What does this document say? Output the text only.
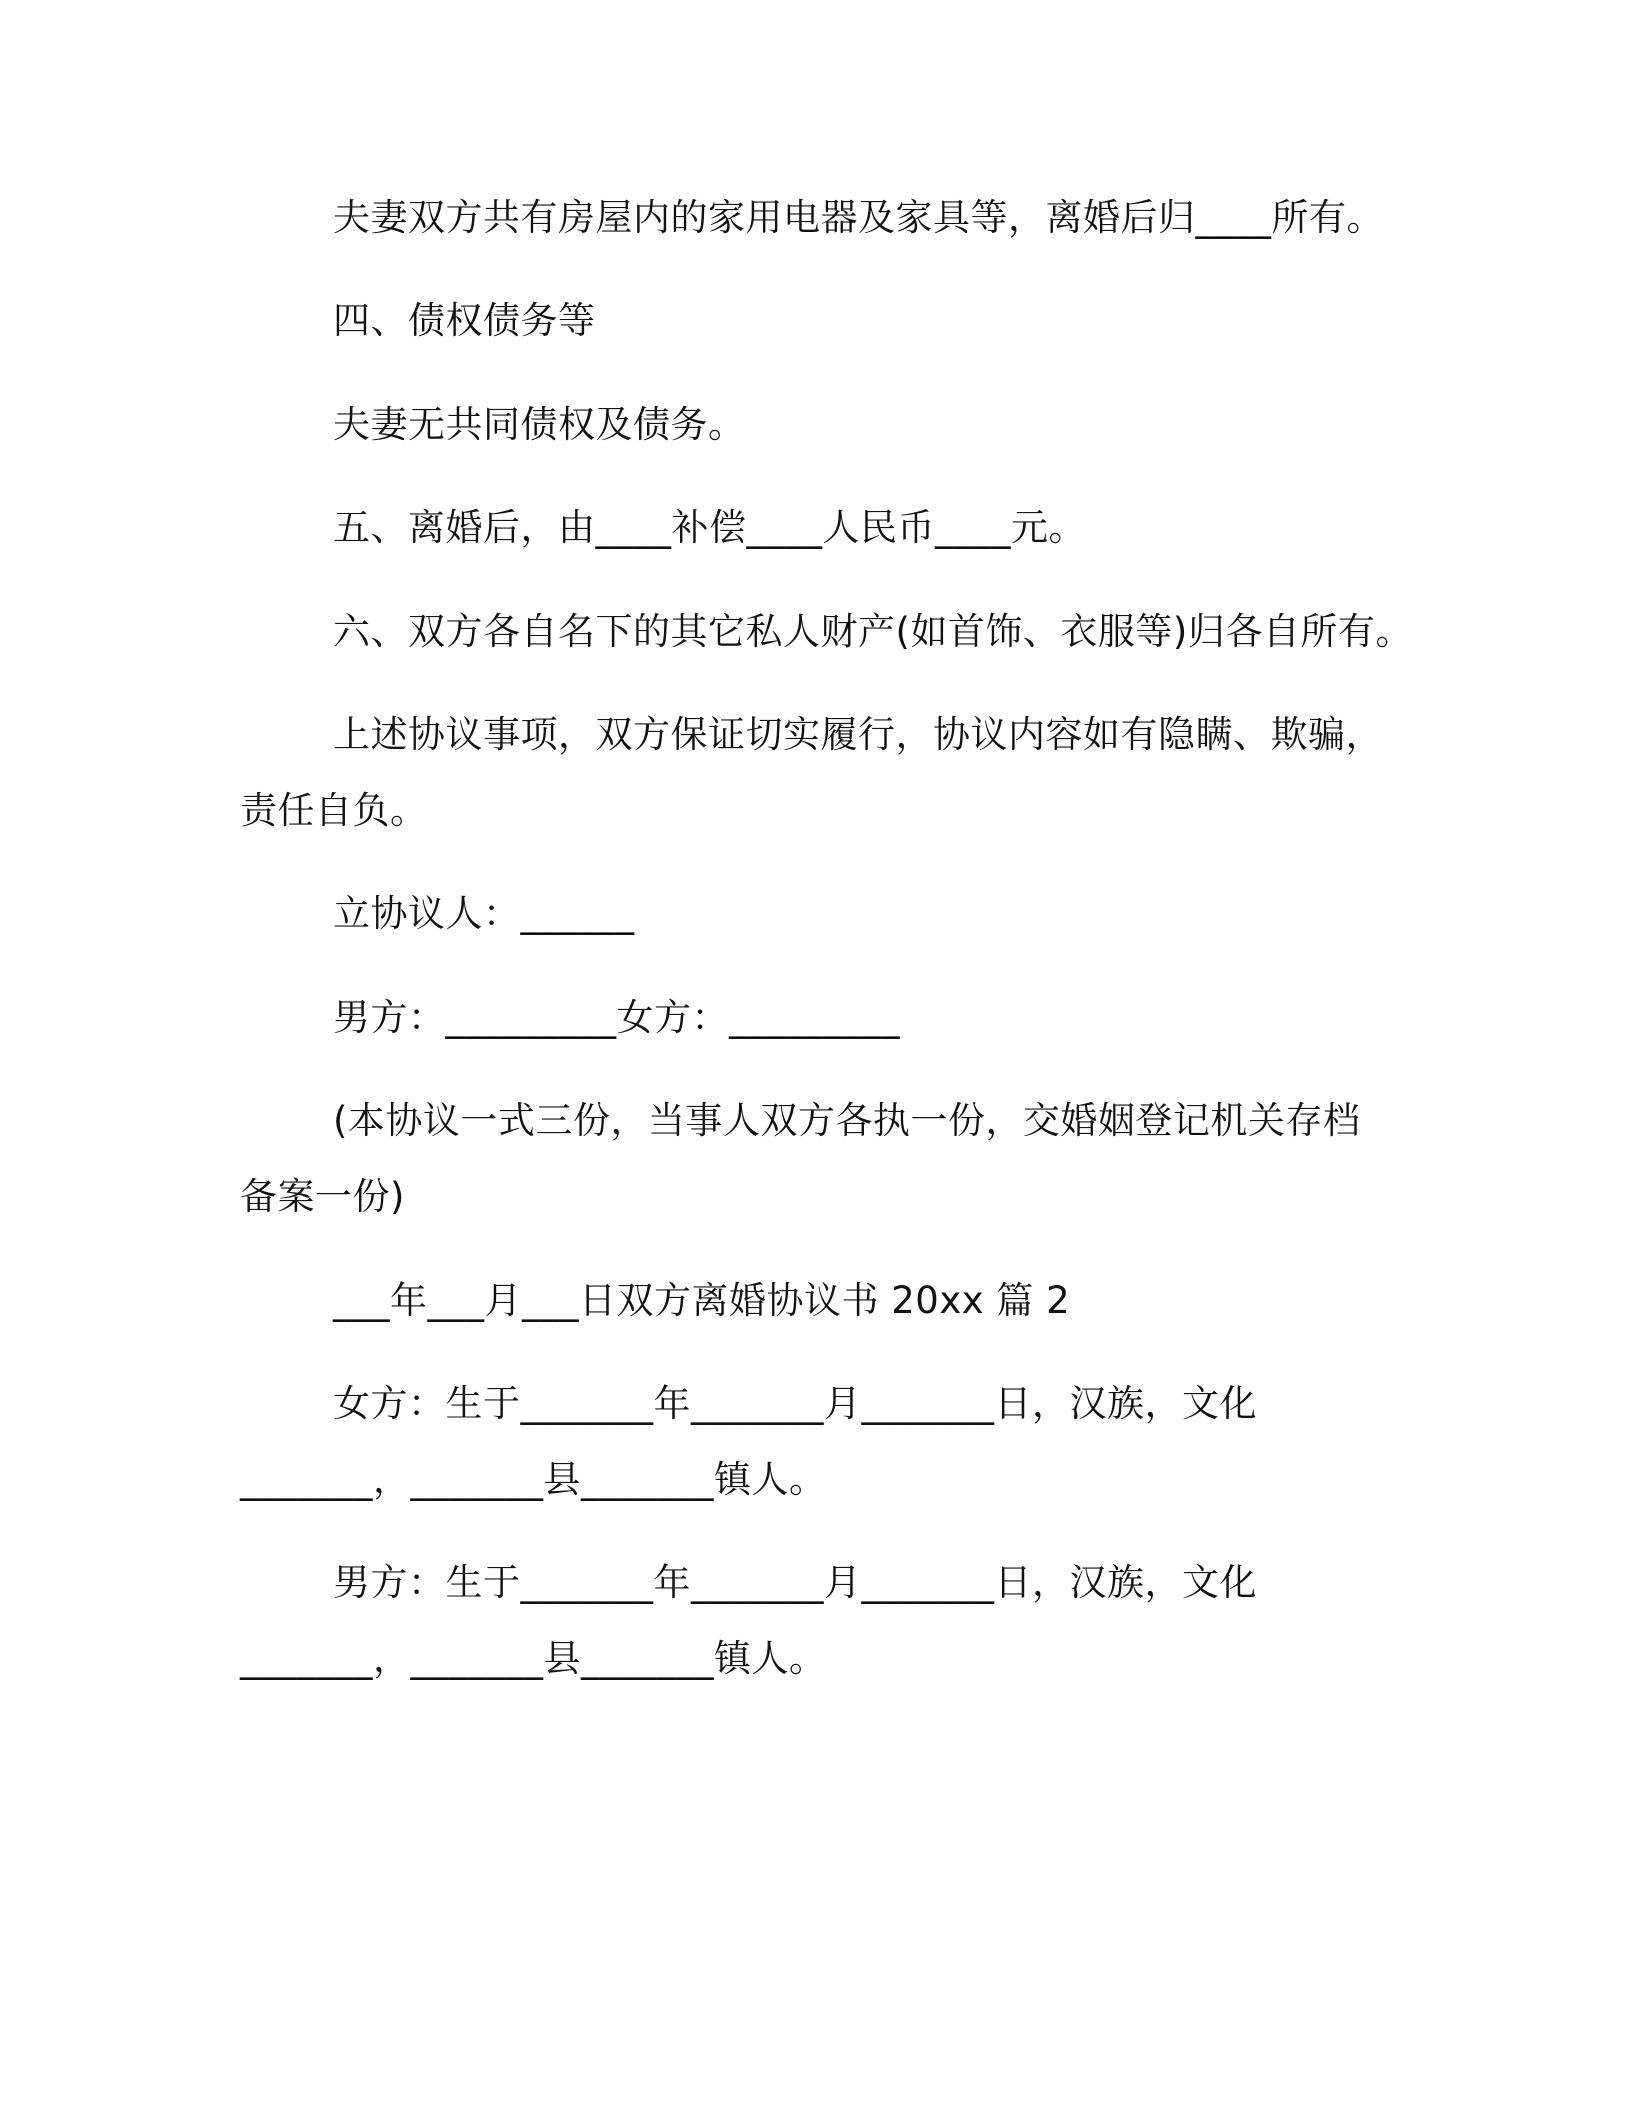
夫妻双方共有房屋内的家用电器及家具等，离婚后归____所有。
四、债权债务等
夫妻无共同债权及债务。
五、离婚后，由____补偿____人民币____元。
六、双方各自名下的其它私人财产(如首饰、衣服等)归各自所有。
上述协议事项，双方保证切实履行，协议内容如有隐瞒、欺骗，
责任自负。
立协议人：______
男方：_________女方：_________
(本协议一式三份，当事人双方各执一份，交婚姻登记机关存档
备案一份)
___年___月___日双方离婚协议书 20xx 篇 2
女方：生于_______年_______月_______日，汉族，文化
_______，_______县_______镇人。
男方：生于_______年_______月_______日，汉族，文化
_______，_______县_______镇人。
